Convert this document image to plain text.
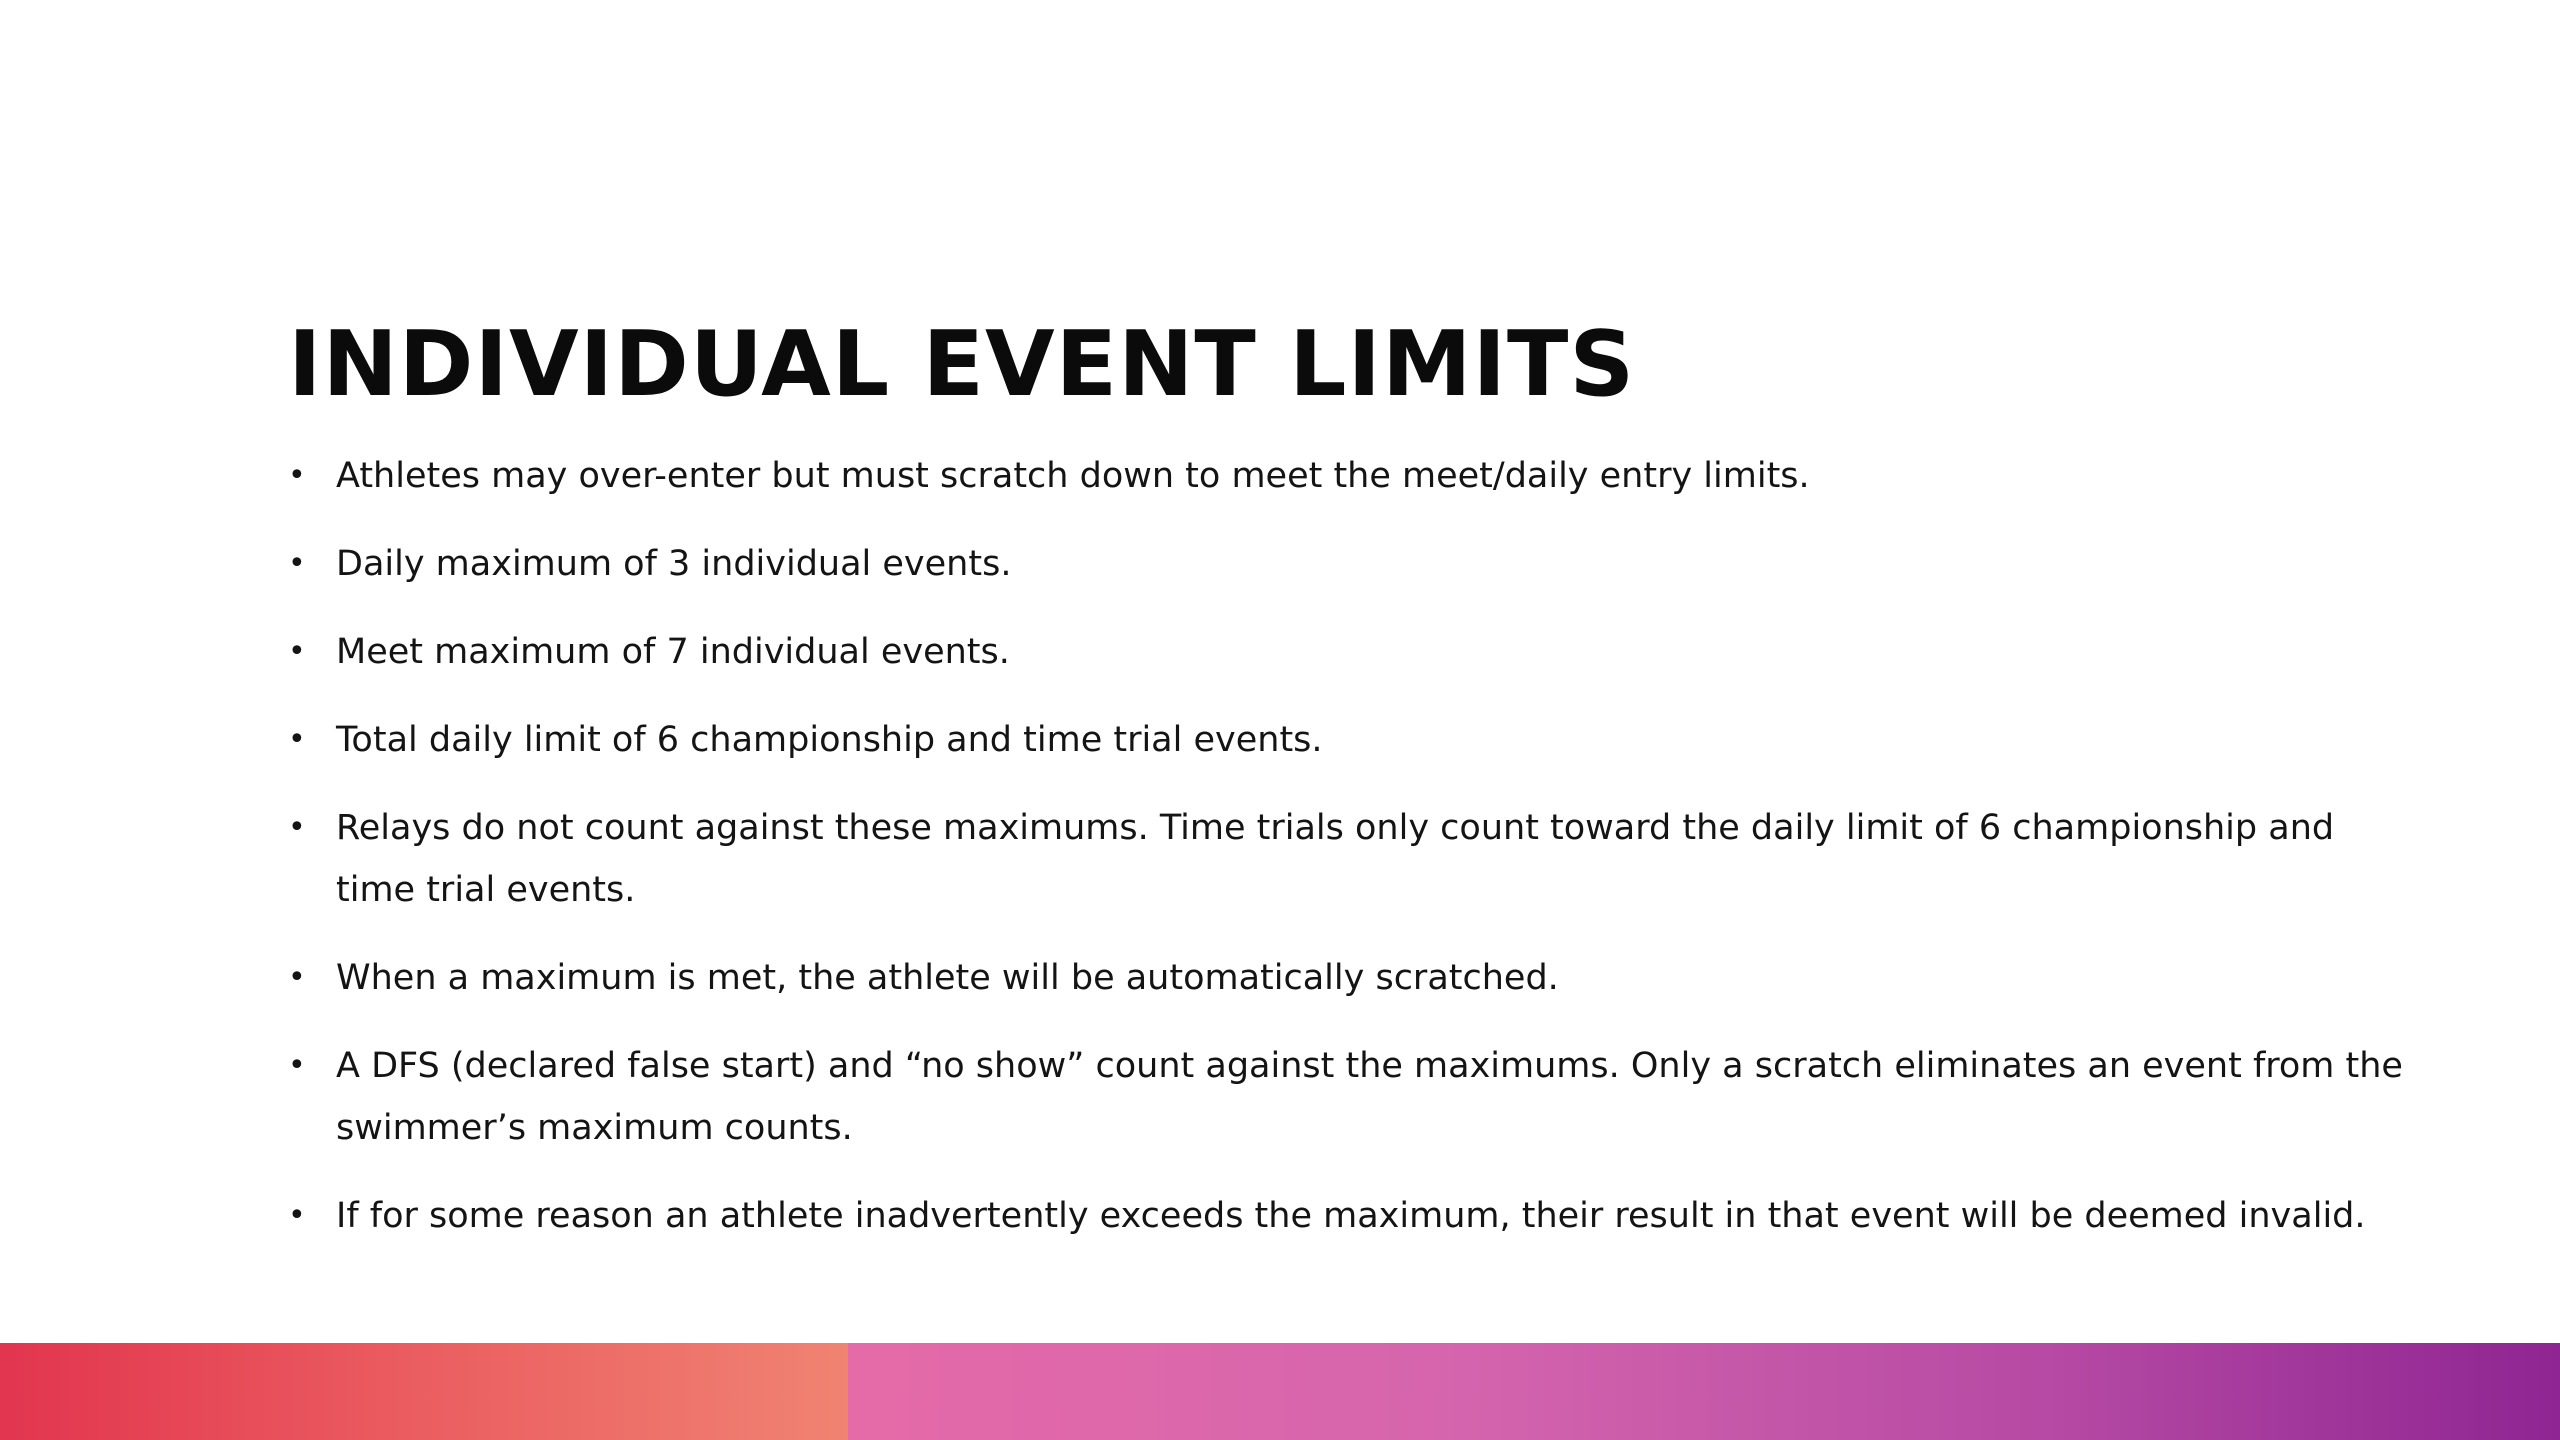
INDIVIDUAL EVENT LIMITS
• Athletes may over-enter but must scratch down to meet the meet/daily entry limits.
• Daily maximum of 3 individual events.
• Meet maximum of 7 individual events.
• Total daily limit of 6 championship and time trial events.
• Relays do not count against these maximums. Time trials only count toward the daily limit of 6 championship and time trial events.
• When a maximum is met, the athlete will be automatically scratched.
• A DFS (declared false start) and “no show” count against the maximums. Only a scratch eliminates an event from the swimmer’s maximum counts.
• If for some reason an athlete inadvertently exceeds the maximum, their result in that event will be deemed invalid.
